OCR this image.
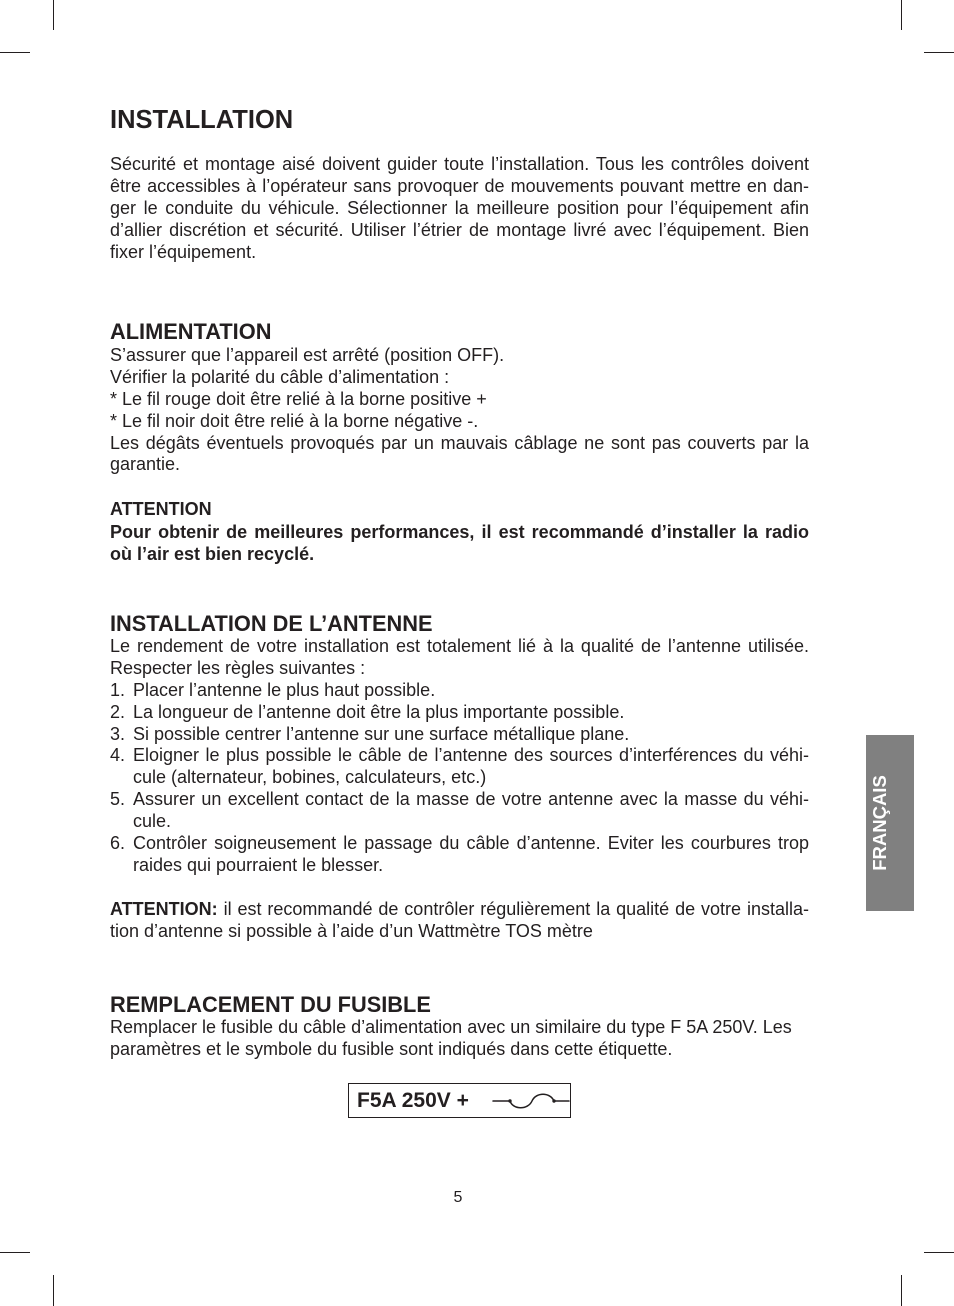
INSTALLATION
Sécurité et montage aisé doivent guider toute l’installation. Tous les contrôles doivent
être accessibles à l’opérateur sans provoquer de mouvements pouvant mettre en dan-
ger le conduite du véhicule. Sélectionner la meilleure position pour l’équipement afin
d’allier discrétion et sécurité. Utiliser l’étrier de montage livré avec l’équipement. Bien
fixer l’équipement.
ALIMENTATION
S’assurer que l’appareil est arrêté (position OFF).
Vérifier la polarité du câble d’alimentation :
* Le fil rouge doit être relié à la borne positive +
* Le fil noir doit être relié à la borne négative -.
Les dégâts éventuels provoqués par un mauvais câblage ne sont pas couverts par la
garantie.
ATTENTION
Pour obtenir de meilleures performances, il est recommandé d’installer la radio
où l’air est bien recyclé.
INSTALLATION DE L’ANTENNE
Le rendement de votre installation est totalement lié à la qualité de l’antenne utilisée.
Respecter les règles suivantes :
1. Placer l’antenne le plus haut possible.
2. La longueur de l’antenne doit être la plus importante possible.
3. Si possible centrer l’antenne sur une surface métallique plane.
4. Eloigner le plus possible le câble de l’antenne des sources d’interférences du véhi-
cule (alternateur, bobines, calculateurs, etc.)
5. Assurer un excellent contact de la masse de votre antenne avec la masse du véhi-
cule.
6. Contrôler soigneusement le passage du câble d’antenne. Eviter les courbures trop
raides qui pourraient le blesser.
ATTENTION: il est recommandé de contrôler régulièrement la qualité de votre installa-
tion d’antenne si possible à l’aide d’un Wattmètre TOS mètre
REMPLACEMENT DU FUSIBLE
Remplacer le fusible du câble d’alimentation avec un similaire du type F 5A 250V. Les
paramètres et le symbole du fusible sont indiqués dans cette étiquette.
F5A 250V +
FRANÇAIS
5
